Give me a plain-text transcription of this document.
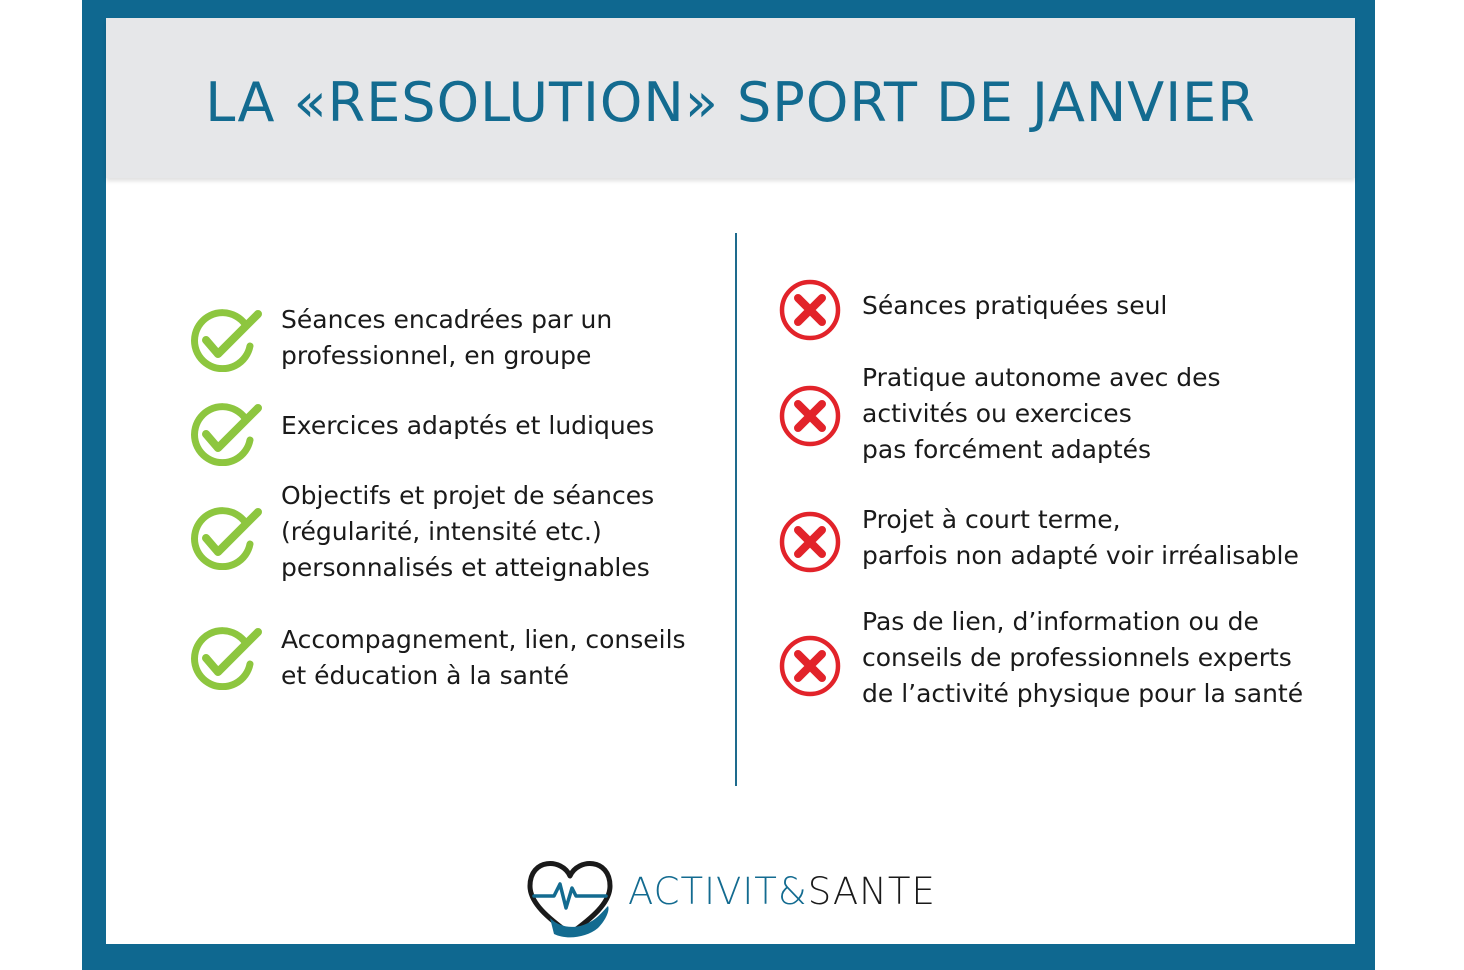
LA «RESOLUTION» SPORT DE JANVIER
Séances encadrées par un
professionnel, en groupe
Exercices adaptés et ludiques
Objectifs et projet de séances
(régularité, intensité etc.)
personnalisés et atteignables
Accompagnement, lien, conseils
et éducation à la santé
Séances pratiquées seul
Pratique autonome avec des
activités ou exercices
pas forcément adaptés
Projet à court terme,
parfois non adapté voir irréalisable
Pas de lien, d’information ou de
conseils de professionnels experts
de l’activité physique pour la santé
ACTIVIT&SANTE
